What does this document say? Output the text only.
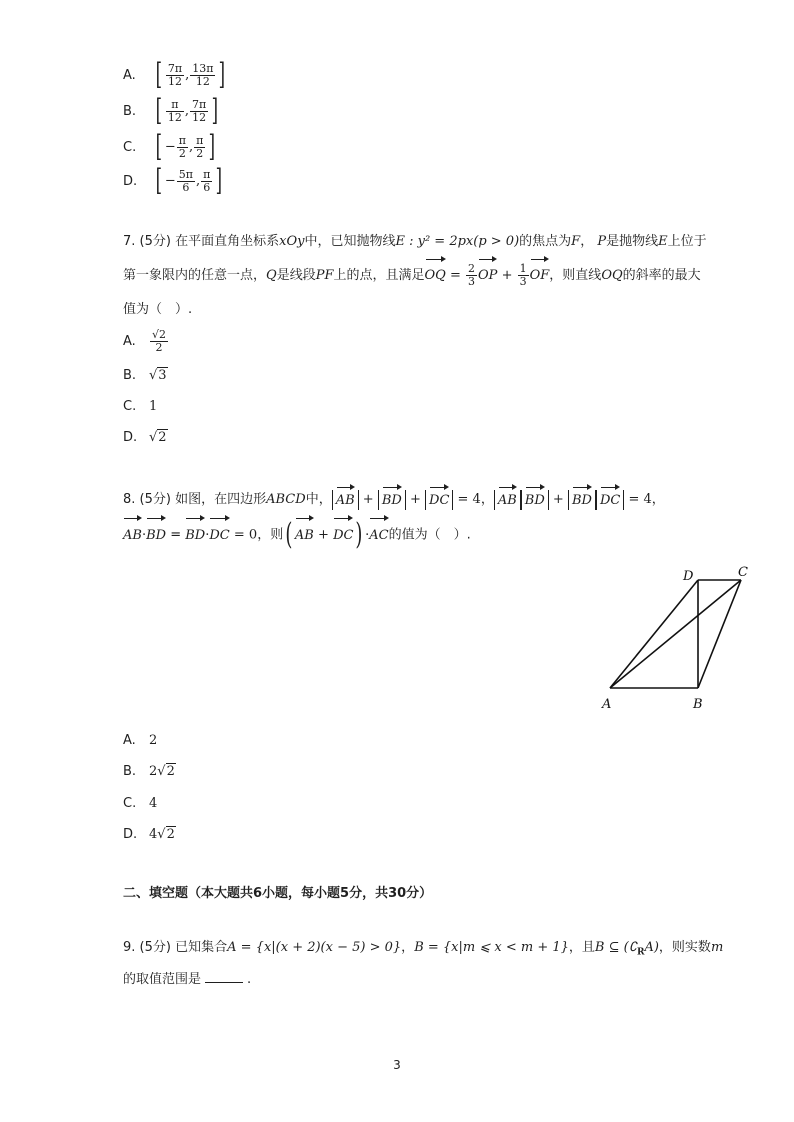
A. [ $\frac{7\pi}{12}$ , $\frac{13\pi}{12}$ ]
B. [ $\frac{\pi}{12}$ , $\frac{7\pi}{12}$ ]
C. [ − $\frac{\pi}{2}$ , $\frac{\pi}{2}$ ]
D. [ − $\frac{5\pi}{6}$ , $\frac{\pi}{6}$ ]
7. (5分) 在平面直角坐标系xOy中，已知抛物线E : y² = 2px(p > 0)的焦点为F， P是抛物线E上位于
第一象限内的任意一点，Q是线段PF上的点，且满足OQ = $\frac{2}{3}$ OP + $\frac{1}{3}$ OF，则直线OQ的斜率的最大
值为（　）.
A. $\frac{√2}{2}$
B. √3
C. 1
D. √2
8. (5分) 如图，在四边形ABCD中， AB + BD + DC = 4， AB BD + BD DC = 4，
AB·BD = BD·DC = 0，则( AB + DC) ·AC的值为（　）.
A	B
C
D
A. 2
B. 2√2
C. 4
D. 4√2
二、填空题（本大题共6小题，每小题5分，共30分）
9. (5分) 已知集合A = {x|(x + 2)(x − 5) > 0}，B = {x|m ⩽ x < m + 1}，且B ⊆ $(∁_RA)$，则实数m
的取值范围是	.
3
